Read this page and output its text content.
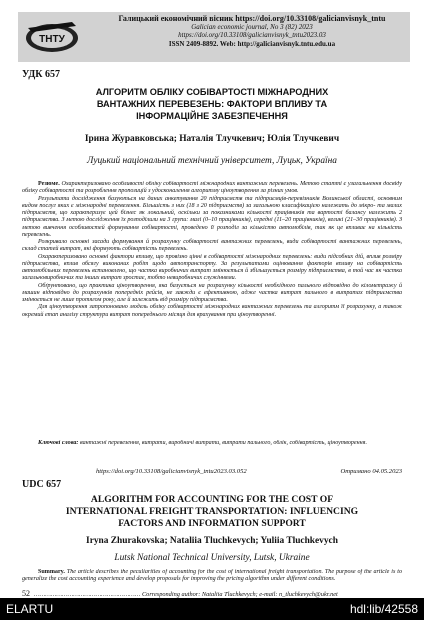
ТНТУ
Галицький економічний вісник https://doi.org/10.33108/galicianvisnyk_tntu
Galician economic journal, No 3 (82) 2023
https://doi.org/10.33108/galicianvisnyk_tntu2023.03
ISSN 2409-8892. Web: http://galicianvisnyk.tntu.edu.ua
УДК 657
АЛГОРИТМ ОБЛІКУ СОБІВАРТОСТІ МІЖНАРОДНИХ
ВАНТАЖНИХ ПЕРЕВЕЗЕНЬ: ФАКТОРИ ВПЛИВУ ТА
ІНФОРМАЦІЙНЕ ЗАБЕЗПЕЧЕННЯ
Ірина Журавковська; Наталія Тлучкевич; Юлія Тлучкевич
Луцький національний технічний університет, Луцьк, Україна

Резюме. Охарактеризовано особливості обліку собівартості міжнародних вантажних перевезень. Метою статті є узагальнення досвіду обліку собівартості та розроблення пропозицій з удосконалення алгоритму ціноутворення за різних умов.

Результати дослідження базуються на даних анкетування 20 підприємств та підприємців-перевізників Волинської області, основним видом послуг яких є міжнародні перевезення. Більшість з них (18 з 20 підприємств) за загальною класифікацією належать до мікро- та малих підприємств, що характеризує цей бізнес як локальний, оскільки за показниками кількості працівників та вартості балансу належить 2 підприємства. З метою дослідження їх розподілили на 3 групи: малі (0–10 працівників), середні (11–20 працівників), великі (21–30 працівників). З метою вивчення особливостей формування собівартості, проведено її розподіл за кількістю автомобілів, так як це впливає на кількість перевезень.

Розкривало основні засади формування й розрахунку собівартості вантажних перевезень, види собівартості вантажних перевезень, склад статей витрат, які формують собівартість перевезень.

Охарактеризовано основні фактори впливу, що провізно цінні в собівартості міжнародних перевезень: види підсобних дій, вплив розміру підприємства, вплив обсягу виконаних робіт щодо автотранспорту. За результатами оцінювання факторів впливу на собівартість автомобільних перевезень встановлено, що частка виробничих витрат змінюється й збільшується розміру підприємства, в той час як частка загальновиробничих та інших витрат зростає, тобто невиробничих служіннями.

Обґрунтовано, що практика ціноутворення, яка базується на розрахунку кількості необхідного пального відповідно до кілометражу й машин відповідно до розрахунків попередніх рейсів, не завжди є ефективною, адже частка витрат пального в витратах підприємства змінюється не лише протягом року, але й залежить від розміру підприємства.

Для ціноутворення запропоновано модель обліку собівартості міжнародних вантажних перевезень та алгоритм її розрахунку, а також окремий етап аналізу структури витрат попереднього місяця для врахування при ціноутворенні.

Ключові слова: вантажні перевезення, витрати, виробничі витрати, витрати пального, облік, собівартість, ціноутворення.
https://doi.org/10.33108/galicianvisnyk_tntu2023.03.052	Отримано 04.05.2023
UDC 657
ALGORITHM FOR ACCOUNTING FOR THE COST OF
INTERNATIONAL FREIGHT TRANSPORTATION: INFLUENCING
FACTORS AND INFORMATION SUPPORT
Iryna Zhurakovska; Nataliia Tluchkevych; Yuliia Tluchkevych
Lutsk National Technical University, Lutsk, Ukraine

Summary. The article describes the peculiarities of accounting for the cost of international freight transportation. The purpose of the article is to generalize the cost accounting experience and develop proposals for improving the pricing algorithm under different conditions.

52 ………………………………………………… Corresponding author: Nataliia Tluchkevych; e-mail: n_tluchkevych@ukr.net
ELARTU	hdl:lib/42558
